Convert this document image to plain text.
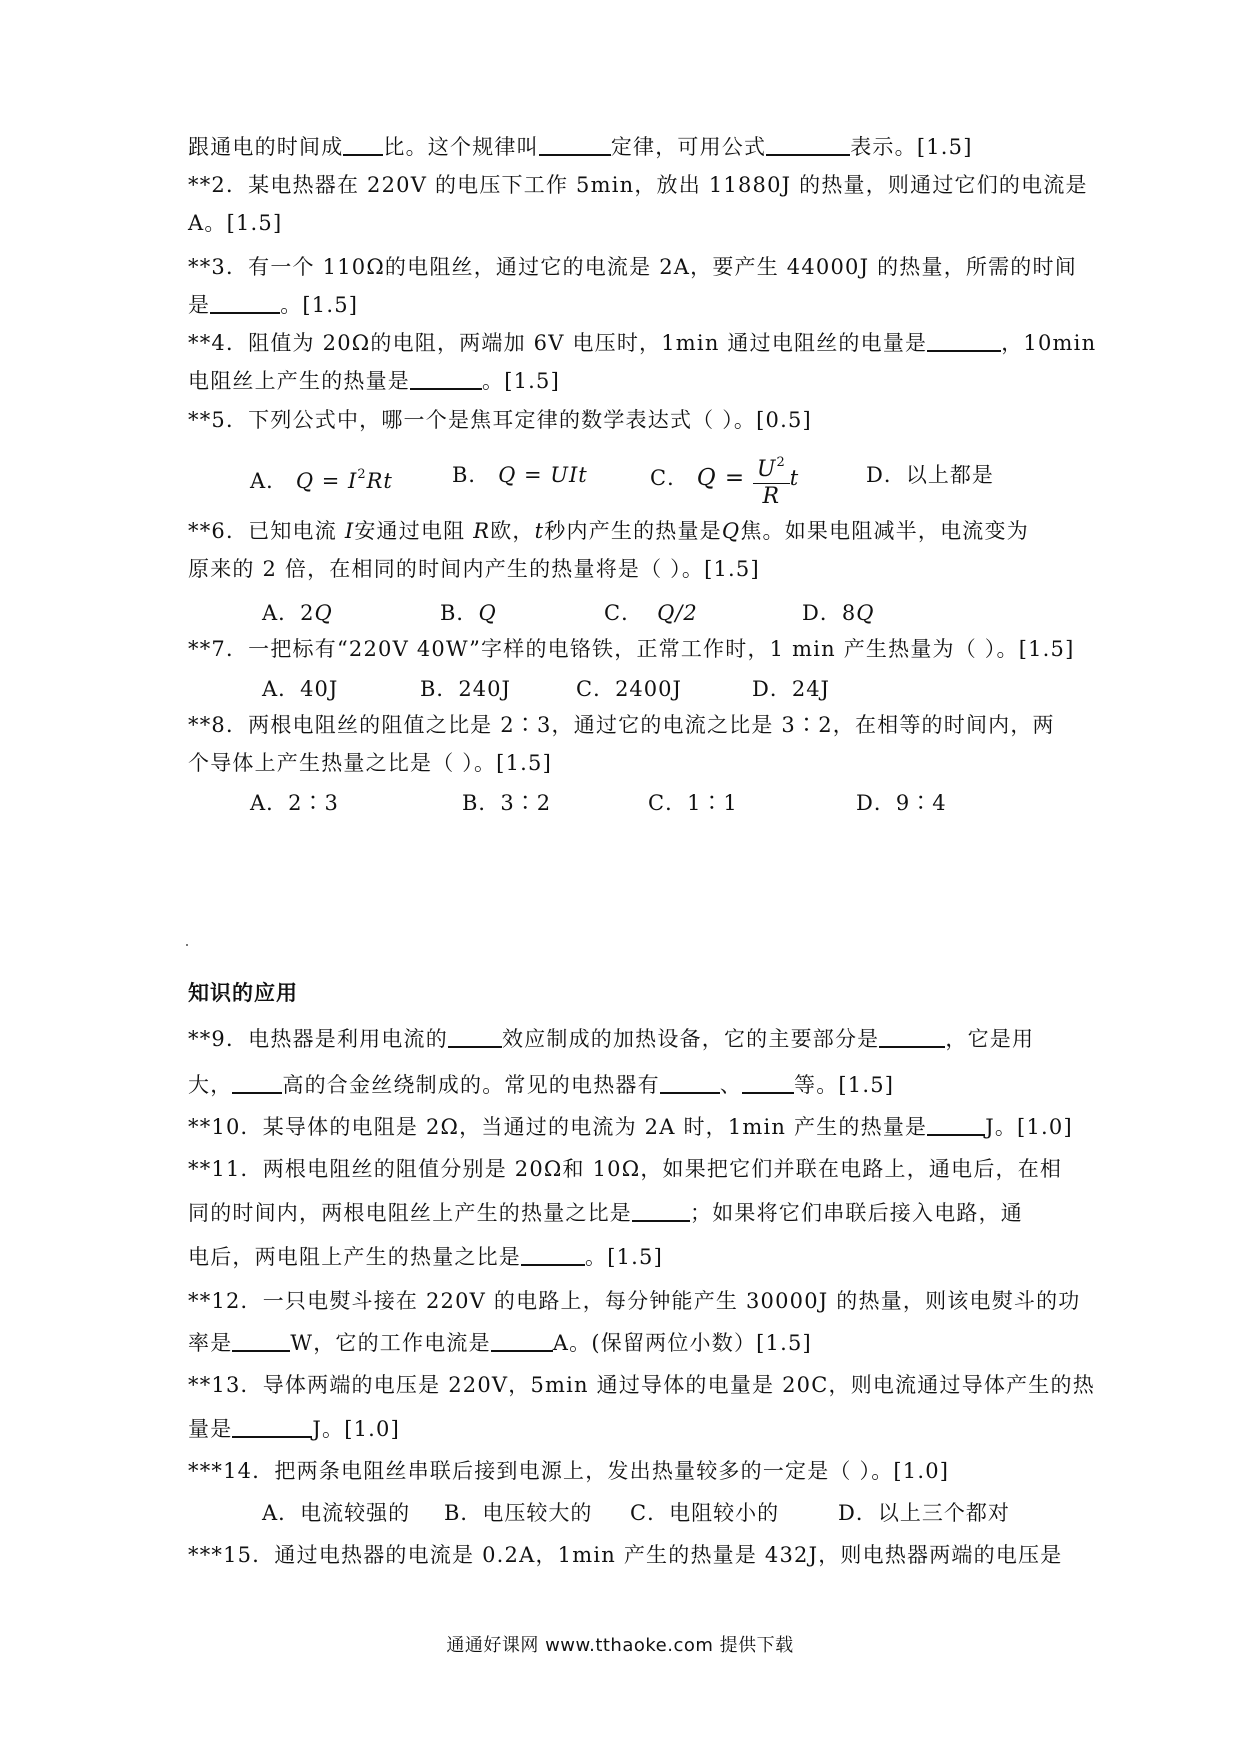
跟通电的时间成 比。这个规律叫	定律，可用公式	表示。[1.5]
**2．某电热器在 220V 的电压下工作 5min，放出 11880J 的热量，则通过它们的电流是
A。[1.5]
**3．有一个 110Ω的电阻丝，通过它的电流是 2A，要产生 44000J 的热量，所需的时间
是	。[1.5]
**4．阻值为 20Ω的电阻，两端加 6V 电压时，1min 通过电阻丝的电量是	，10min
电阻丝上产生的热量是	。[1.5]
**5．下列公式中，哪一个是焦耳定律的数学表达式（ ）。[0.5]
A． $Q = I^2Rt$	B． Q = UIt	C． $Q = \frac{U^2}{R}$ t	D．以上都是
**6．已知电流 I安通过电阻 R欧，t秒内产生的热量是Q焦。如果电阻减半，电流变为
原来的 2 倍，在相同的时间内产生的热量将是（ ）。[1.5]
A．2Q	B．Q	C． Q/2	D．8Q
**7．一把标有“220V 40W”字样的电铬铁，正常工作时，1 min 产生热量为（ ）。[1.5]
A．40J	B．240J	C．2400J	D．24J
**8．两根电阻丝的阻值之比是 2∶3，通过它的电流之比是 3∶2，在相等的时间内，两
个导体上产生热量之比是（ ）。[1.5]
A．2∶3	B．3∶2	C．1∶1	D．9∶4
知识的应用
**9．电热器是利用电流的	效应制成的加热设备，它的主要部分是	，它是用
大， 高的合金丝绕制成的。常见的电热器有	、 等。[1.5]
**10．某导体的电阻是 2Ω，当通过的电流为 2A 时，1min 产生的热量是	J。[1.0]
**11．两根电阻丝的阻值分别是 20Ω和 10Ω，如果把它们并联在电路上，通电后，在相
同的时间内，两根电阻丝上产生的热量之比是	；如果将它们串联后接入电路，通
电后，两电阻上产生的热量之比是	。[1.5]
**12．一只电熨斗接在 220V 的电路上，每分钟能产生 30000J 的热量，则该电熨斗的功
率是	W，它的工作电流是	A。(保留两位小数）[1.5]
**13．导体两端的电压是 220V，5min 通过导体的电量是 20C，则电流通过导体产生的热
量是	J。[1.0]
***14．把两条电阻丝串联后接到电源上，发出热量较多的一定是（ ）。[1.0]
A．电流较强的 B．电压较大的 C．电阻较小的	D．以上三个都对
***15．通过电热器的电流是 0.2A，1min 产生的热量是 432J，则电热器两端的电压是
通通好课网 www.tthaoke.com 提供下载
